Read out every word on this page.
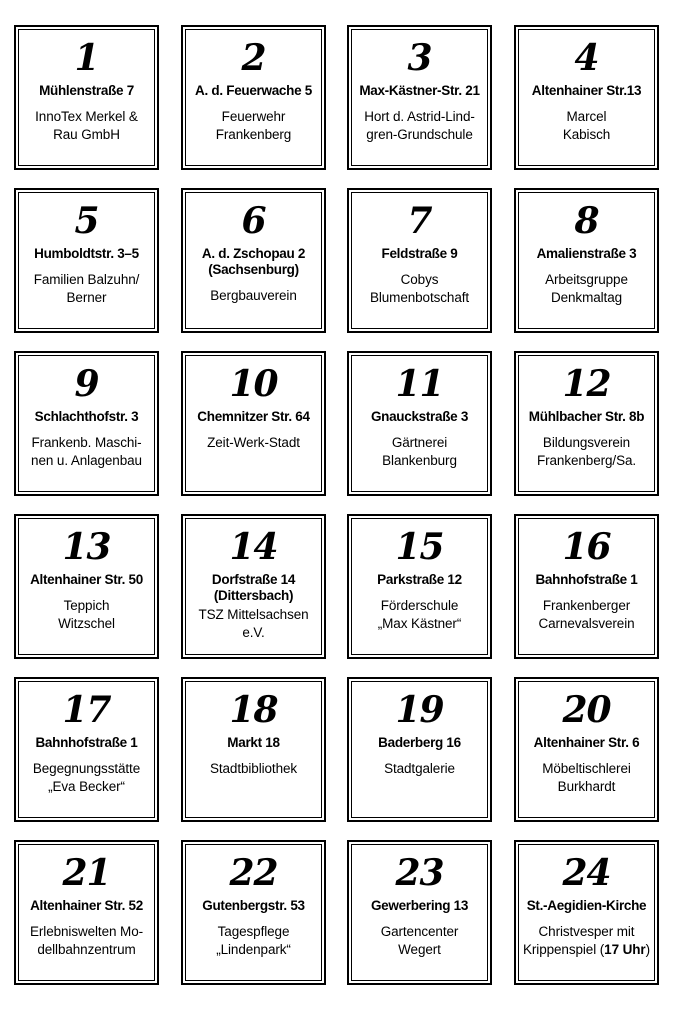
1
Mühlenstraße 7
InnoTex Merkel &
Rau GmbH
2
A. d. Feuerwache 5
Feuerwehr
Frankenberg
3
Max-Kästner-Str. 21
Hort d. Astrid-Lind-
gren-Grundschule
4
Altenhainer Str.13
Marcel
Kabisch
5
Humboldtstr. 3–5
Familien Balzuhn/
Berner
6
A. d. Zschopau 2
(Sachsenburg)
Bergbauverein
7
Feldstraße 9
Cobys
Blumenbotschaft
8
Amalienstraße 3
Arbeitsgruppe
Denkmaltag
9
Schlachthofstr. 3
Frankenb. Maschi-
nen u. Anlagenbau
10
Chemnitzer Str. 64
Zeit-Werk-Stadt
11
Gnauckstraße 3
Gärtnerei
Blankenburg
12
Mühlbacher Str. 8b
Bildungsverein
Frankenberg/Sa.
13
Altenhainer Str. 50
Teppich
Witzschel
14
Dorfstraße 14
(Dittersbach)
TSZ Mittelsachsen
e.V.
15
Parkstraße 12
Förderschule
„Max Kästner“
16
Bahnhofstraße 1
Frankenberger
Carnevalsverein
17
Bahnhofstraße 1
Begegnungsstätte
„Eva Becker“
18
Markt 18
Stadtbibliothek
19
Baderberg 16
Stadtgalerie
20
Altenhainer Str. 6
Möbeltischlerei
Burkhardt
21
Altenhainer Str. 52
Erlebniswelten Mo-
dellbahnzentrum
22
Gutenbergstr. 53
Tagespflege
„Lindenpark“
23
Gewerbering 13
Gartencenter
Wegert
24
St.-Aegidien-Kirche
Christvesper mit
Krippenspiel (17 Uhr)
